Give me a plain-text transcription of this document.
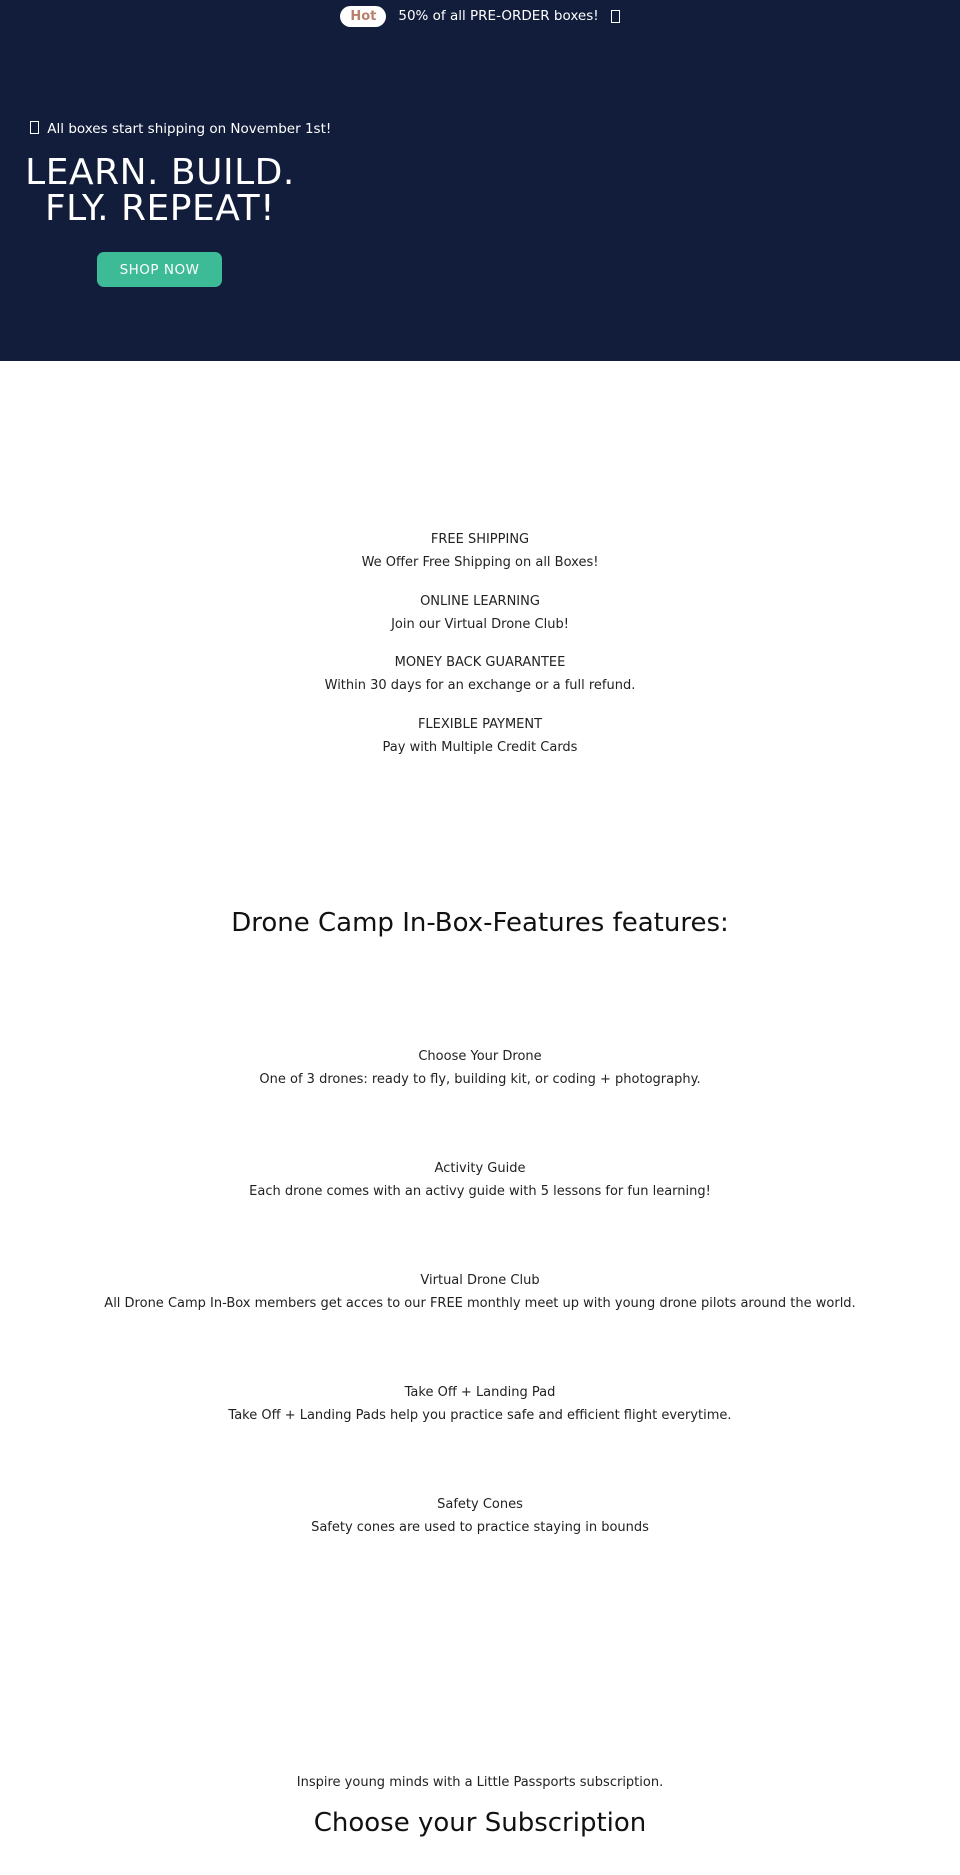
Hot	50% of all PRE-ORDER boxes!
All boxes start shipping on November 1st!
LEARN. BUILD.
FLY. REPEAT!
SHOP NOW
FREE SHIPPING
We Offer Free Shipping on all Boxes!
ONLINE LEARNING
Join our Virtual Drone Club!
MONEY BACK GUARANTEE
Within 30 days for an exchange or a full refund.
FLEXIBLE PAYMENT
Pay with Multiple Credit Cards
Drone Camp In-Box-Features features:
Choose Your Drone
One of 3 drones: ready to fly, building kit, or coding + photography.
Activity Guide
Each drone comes with an activy guide with 5 lessons for fun learning!
Virtual Drone Club
All Drone Camp In-Box members get acces to our FREE monthly meet up with young drone pilots around the world.
Take Off + Landing Pad
Take Off + Landing Pads help you practice safe and efficient flight everytime.
Safety Cones
Safety cones are used to practice staying in bounds
Inspire young minds with a Little Passports subscription.
Choose your Subscription
